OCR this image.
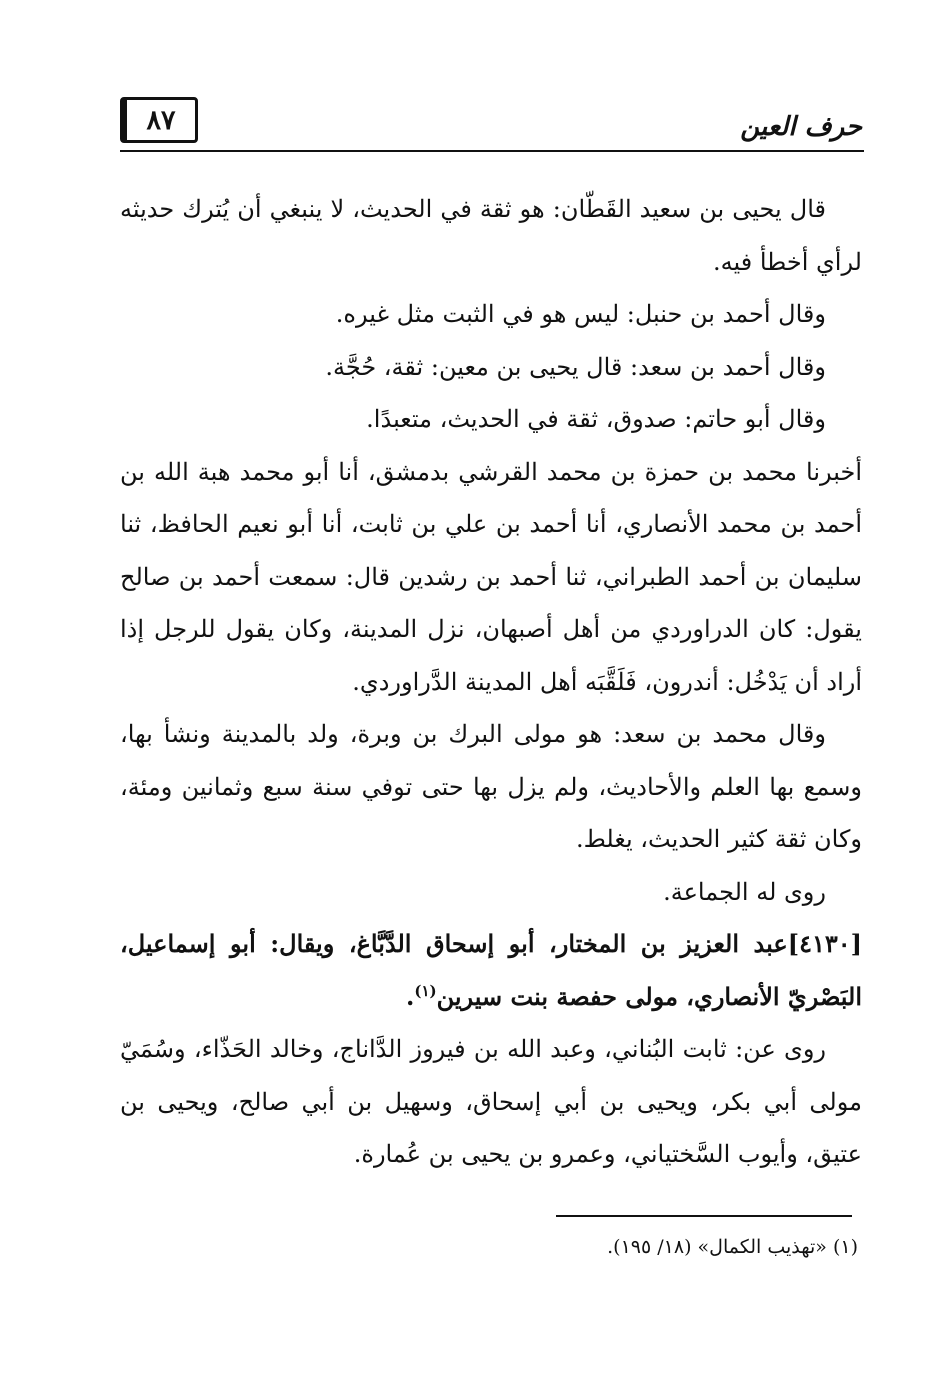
٨٧	حرف العين

قال يحيى بن سعيد القَطّان: هو ثقة في الحديث، لا ينبغي أن يُترك حديثه لرأي أخطأ فيه.

وقال أحمد بن حنبل: ليس هو في الثبت مثل غيره.

وقال أحمد بن سعد: قال يحيى بن معين: ثقة، حُجَّة.

وقال أبو حاتم: صدوق، ثقة في الحديث، متعبدًا.

أخبرنا محمد بن حمزة بن محمد القرشي بدمشق، أنا أبو محمد هبة الله بن أحمد بن محمد الأنصاري، أنا أحمد بن علي بن ثابت، أنا أبو نعيم الحافظ، ثنا سليمان بن أحمد الطبراني، ثنا أحمد بن رشدين قال: سمعت أحمد بن صالح يقول: كان الدراوردي من أهل أصبهان، نزل المدينة، وكان يقول للرجل إذا أراد أن يَدْخُل: أندرون، فَلَقَّبَه أهل المدينة الدَّراوردي.

وقال محمد بن سعد: هو مولى البرك بن وبرة، ولد بالمدينة ونشأ بها، وسمع بها العلم والأحاديث، ولم يزل بها حتى توفي سنة سبع وثمانين ومئة، وكان ثقة كثير الحديث، يغلط.

روى له الجماعة.

[٤١٣٠]عبد العزيز بن المختار، أبو إسحاق الدَّبَّاغ، ويقال: أبو إسماعيل، البَصْريّ الأنصاري، مولى حفصة بنت سيرين$^{(١)}$.

روى عن: ثابت البُناني، وعبد الله بن فيروز الدَّاناج، وخالد الحَذّاء، وسُمَيّ مولى أبي بكر، ويحيى بن أبي إسحاق، وسهيل بن أبي صالح، ويحيى بن عتيق، وأيوب السَّختياني، وعمرو بن يحيى بن عُمارة.

(١) «تهذيب الكمال» (١٨/ ١٩٥).
